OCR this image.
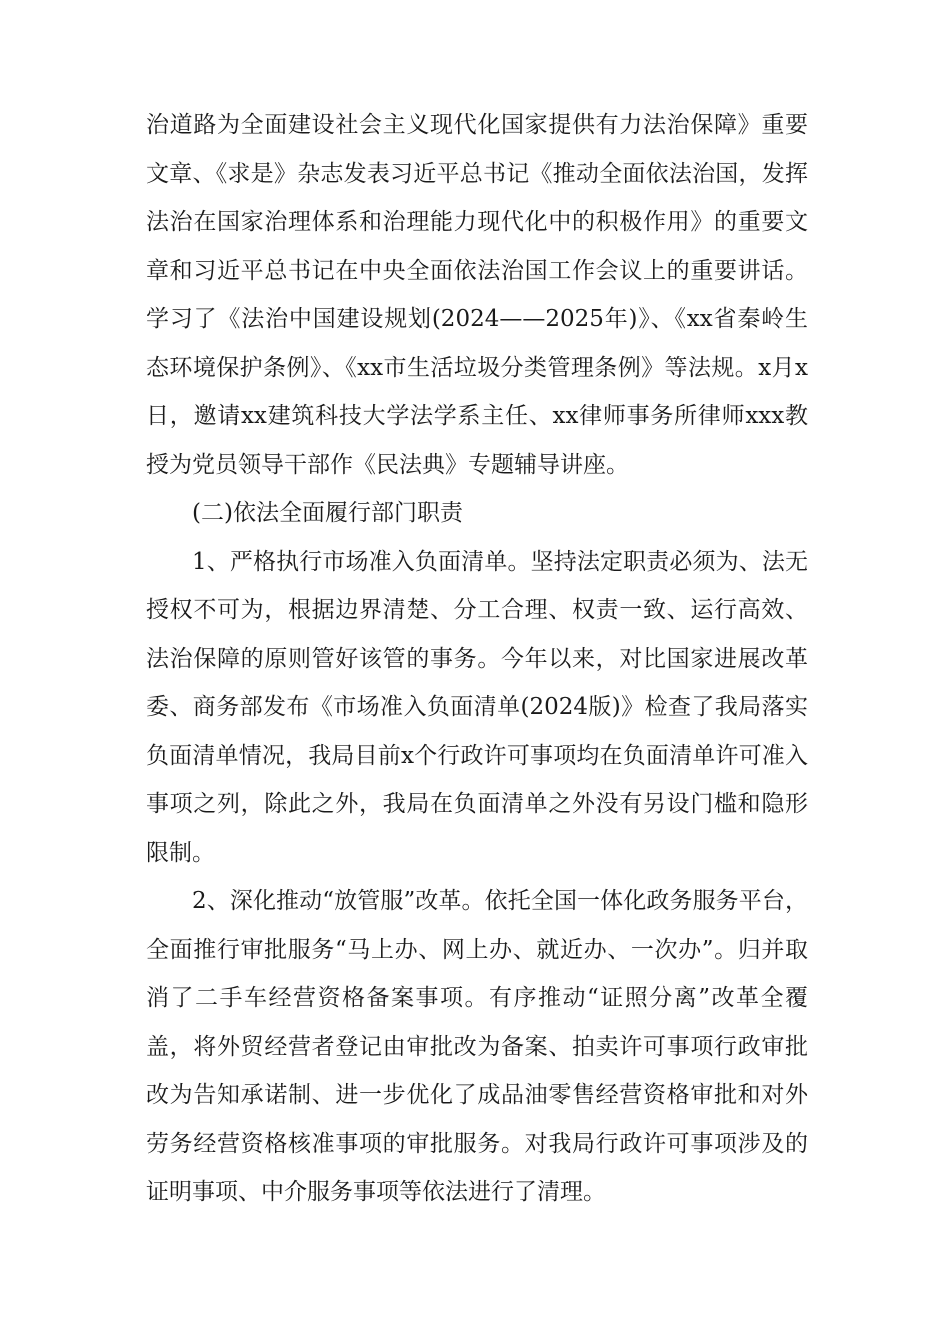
治道路为全面建设社会主义现代化国家提供有力法治保障》重要文章、《求是》杂志发表习近平总书记《推动全面依法治国，发挥法治在国家治理体系和治理能力现代化中的积极作用》的重要文章和习近平总书记在中央全面依法治国工作会议上的重要讲话。学习了《法治中国建设规划(2024——2025年)》、《xx省秦岭生态环境保护条例》、《xx市生活垃圾分类管理条例》等法规。x月x日，邀请xx建筑科技大学法学系主任、xx律师事务所律师xxx教授为党员领导干部作《民法典》专题辅导讲座。

(二)依法全面履行部门职责

1、严格执行市场准入负面清单。坚持法定职责必须为、法无授权不可为，根据边界清楚、分工合理、权责一致、运行高效、法治保障的原则管好该管的事务。今年以来，对比国家进展改革委、商务部发布《市场准入负面清单(2024版)》检查了我局落实负面清单情况，我局目前x个行政许可事项均在负面清单许可准入事项之列，除此之外，我局在负面清单之外没有另设门槛和隐形限制。

2、深化推动“放管服”改革。依托全国一体化政务服务平台，全面推行审批服务“马上办、网上办、就近办、一次办”。归并取消了二手车经营资格备案事项。有序推动“证照分离”改革全覆盖，将外贸经营者登记由审批改为备案、拍卖许可事项行政审批改为告知承诺制、进一步优化了成品油零售经营资格审批和对外劳务经营资格核准事项的审批服务。对我局行政许可事项涉及的证明事项、中介服务事项等依法进行了清理。
